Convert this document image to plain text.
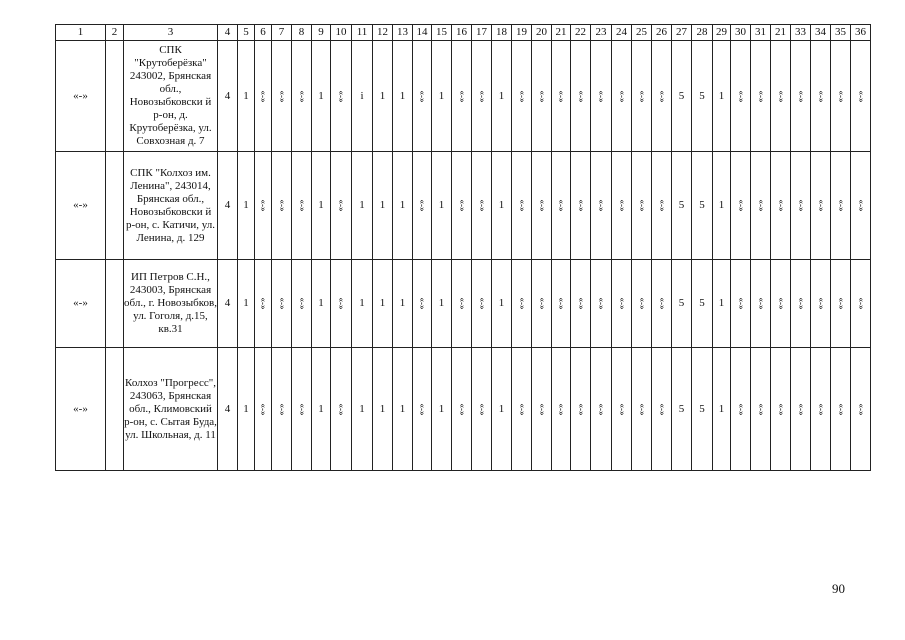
1	2	3	4	5	6	7	8	9	10	11	12	13	14	15	16	17	18	19	20	21	22	23	24	25	26	27	28	29	30	31	21	33	34	35	36
«-»		СПК "Крутоберёзка" 243002, Брянская обл., Новозыбковски й р-он, д. Крутоберёзка, ул. Совхозная д. 7	4	1	«-»	«-»	«-»	1	«-»	i	1	1	«-»	1	«-»	«-»	1	«-»	«-»	«-»	«-»	«-»	«-»	«-»	«-»	5	5	1	«-»	«-»	«-»	«-»	«-»	«-»	«-»
«-»		СПК "Колхоз им. Ленина", 243014, Брянская обл., Новозыбковски й р-он, с. Катичи, ул. Ленина, д. 129	4	1	«-»	«-»	«-»	1	«-»	1	1	1	«-»	1	«-»	«-»	1	«-»	«-»	«-»	«-»	«-»	«-»	«-»	«-»	5	5	1	«-»	«-»	«-»	«-»	«-»	«-»	«-»
«-»		ИП Петров С.Н., 243003, Брянская обл., г. Новозыбков, ул. Гоголя, д.15, кв.31	4	1	«-»	«-»	«-»	1	«-»	1	1	1	«-»	1	«-»	«-»	1	«-»	«-»	«-»	«-»	«-»	«-»	«-»	«-»	5	5	1	«-»	«-»	«-»	«-»	«-»	«-»	«-»
«-»		Колхоз "Прогресс", 243063, Брянская обл., Климовский р-он, с. Сытая Буда, ул. Школьная, д. 11	4	1	«-»	«-»	«-»	1	«-»	1	1	1	«-»	1	«-»	«-»	1	«-»	«-»	«-»	«-»	«-»	«-»	«-»	«-»	5	5	1	«-»	«-»	«-»	«-»	«-»	«-»	«-»
90
